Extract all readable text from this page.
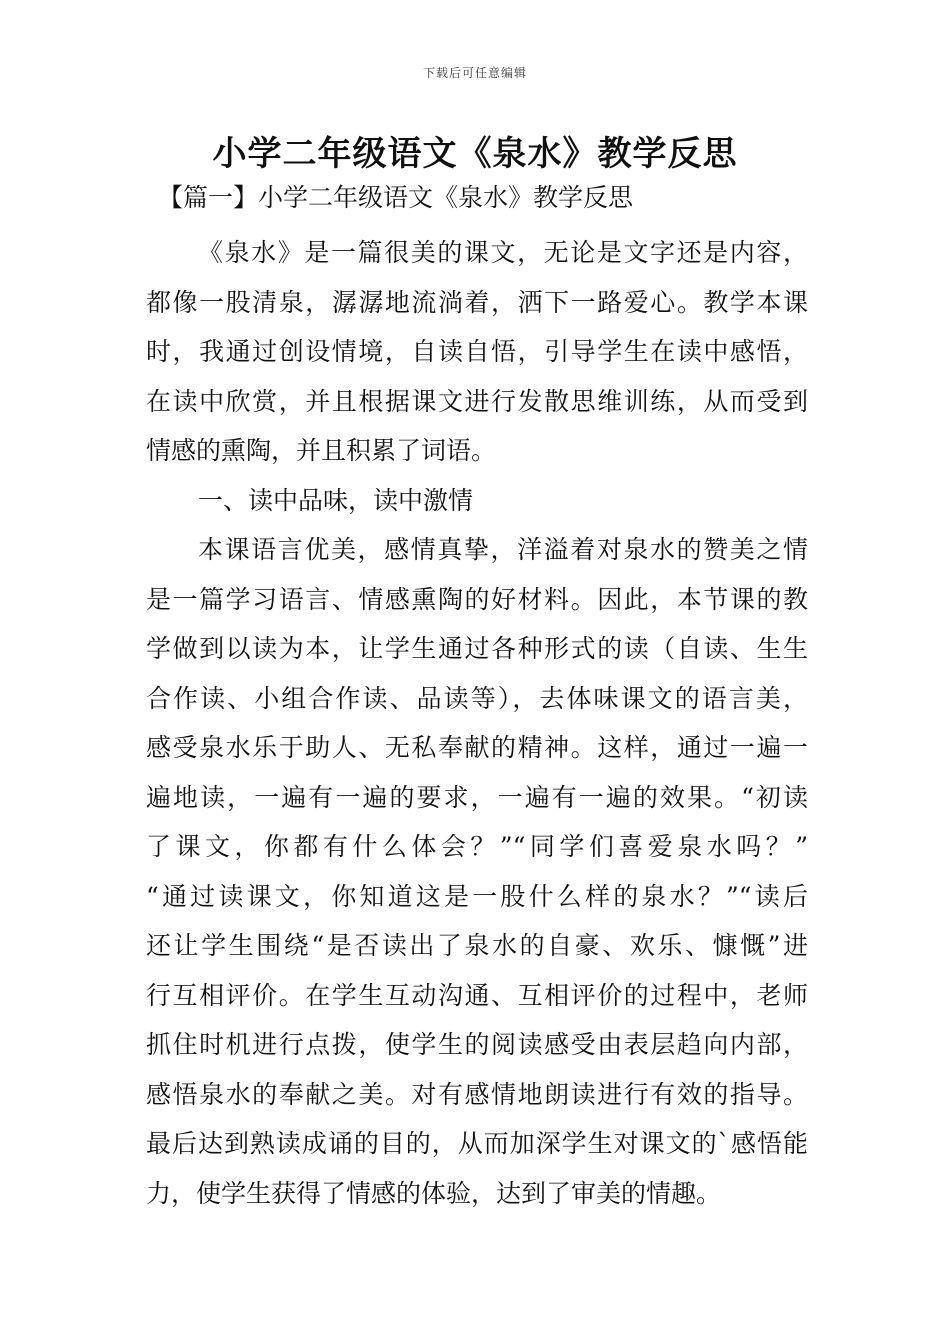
下载后可任意编辑
小学二年级语文《泉水》教学反思
【篇一】小学二年级语文《泉水》教学反思
《泉水》是一篇很美的课文，无论是文字还是内容，
都像一股清泉，潺潺地流淌着，洒下一路爱心。教学本课
时，我通过创设情境，自读自悟，引导学生在读中感悟，
在读中欣赏，并且根据课文进行发散思维训练，从而受到
情感的熏陶，并且积累了词语。
一、读中品味，读中激情
本课语言优美，感情真挚，洋溢着对泉水的赞美之情
是一篇学习语言、情感熏陶的好材料。因此，本节课的教
学做到以读为本，让学生通过各种形式的读（自读、生生
合作读、小组合作读、品读等），去体味课文的语言美，
感受泉水乐于助人、无私奉献的精神。这样，通过一遍一
遍地读，一遍有一遍的要求，一遍有一遍的效果。“初读
了课文，你都有什么体会？”“同学们喜爱泉水吗？”
“通过读课文，你知道这是一股什么样的泉水？”“读后
还让学生围绕“是否读出了泉水的自豪、欢乐、慷慨”进
行互相评价。在学生互动沟通、互相评价的过程中，老师
抓住时机进行点拨，使学生的阅读感受由表层趋向内部，
感悟泉水的奉献之美。对有感情地朗读进行有效的指导。
最后达到熟读成诵的目的，从而加深学生对课文的`感悟能
力，使学生获得了情感的体验，达到了审美的情趣。
